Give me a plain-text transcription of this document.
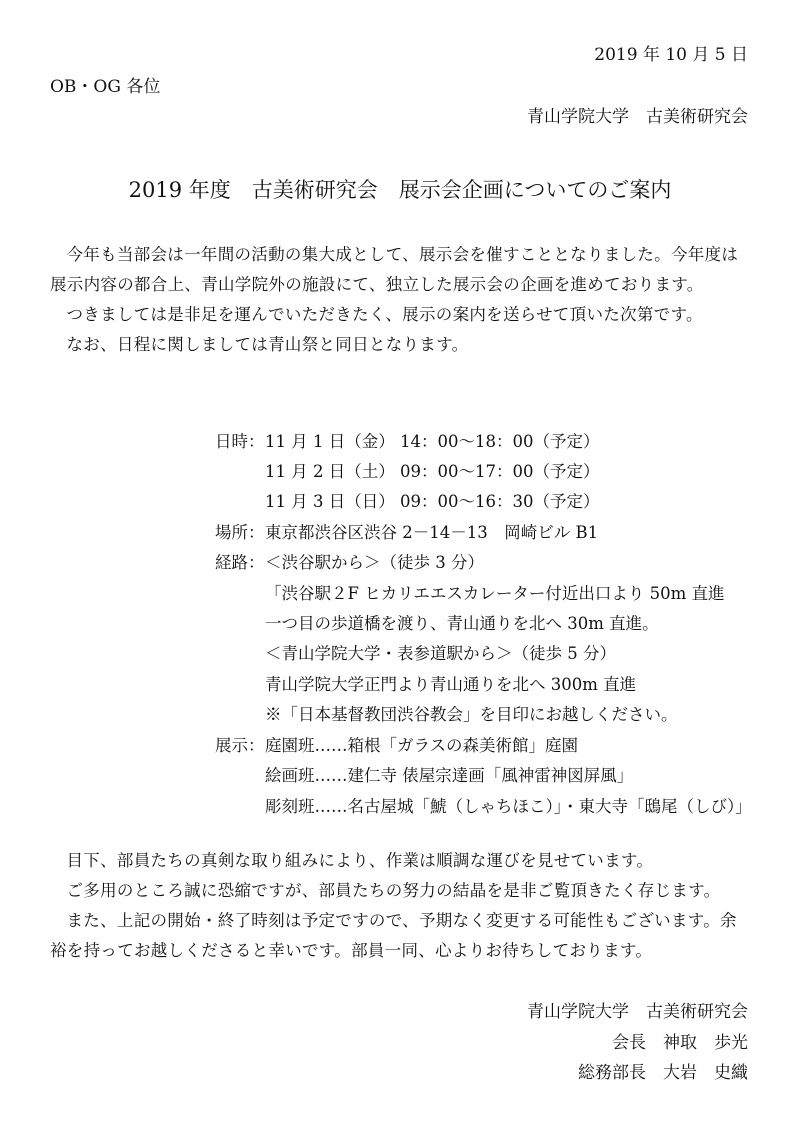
2019 年 10 月 5 日
OB・OG 各位
青山学院大学　古美術研究会
2019 年度　古美術研究会　展示会企画についてのご案内

今年も当部会は一年間の活動の集大成として、展示会を催すこととなりました。今年度は展示内容の都合上、青山学院外の施設にて、独立した展示会の企画を進めております。

つきましては是非足を運んでいただきたく、展示の案内を送らせて頂いた次第です。

なお、日程に関しましては青山祭と同日となります。

日時： 11 月 1 日（金） 14：00～18：00（予定）
11 月 2 日（土） 09：00～17：00（予定）
11 月 3 日（日） 09：00～16：30（予定）
場所： 東京都渋谷区渋谷 2－14－13　岡崎ビル B1
経路： ＜渋谷駅から＞（徒歩 3 分）
「渋谷駅２F ヒカリエエスカレーター付近出口より 50m 直進
一つ目の歩道橋を渡り、青山通りを北へ 30m 直進。
＜青山学院大学・表参道駅から＞（徒歩 5 分）
青山学院大学正門より青山通りを北へ 300m 直進
※「日本基督教団渋谷教会」を目印にお越しください。
展示： 庭園班……箱根「ガラスの森美術館」庭園
絵画班……建仁寺 俵屋宗達画「風神雷神図屏風」
彫刻班……名古屋城「鯱（しゃちほこ）」・東大寺「鴟尾（しび）」

目下、部員たちの真剣な取り組みにより、作業は順調な運びを見せています。

ご多用のところ誠に恐縮ですが、部員たちの努力の結晶を是非ご覧頂きたく存じます。

また、上記の開始・終了時刻は予定ですので、予期なく変更する可能性もございます。余裕を持ってお越しくださると幸いです。部員一同、心よりお待ちしております。

青山学院大学　古美術研究会
会長　神取　歩光
総務部長　大岩　史織
